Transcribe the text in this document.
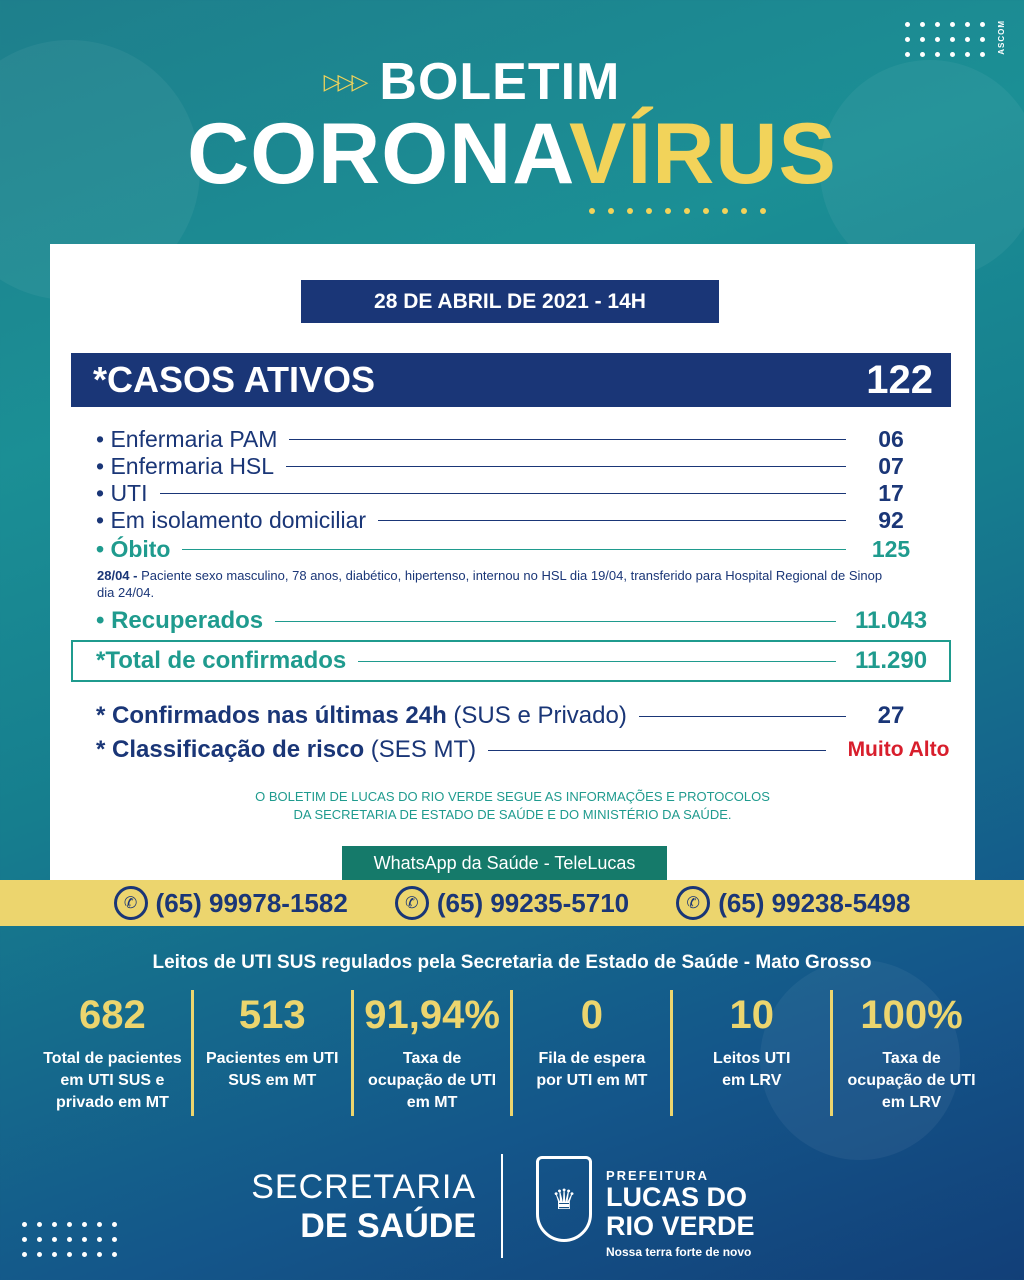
ASCOM
▷▷▷ BOLETIM
CORONAVÍRUS
28 DE ABRIL DE 2021 - 14H
*CASOS ATIVOS	122
• Enfermaria PAM	06
• Enfermaria HSL	07
• UTI	17
• Em isolamento domiciliar	92
• Óbito	125
28/04 - Paciente sexo masculino, 78 anos, diabético, hipertenso, internou no HSL dia 19/04, transferido para Hospital Regional de Sinop dia 24/04.
• Recuperados	11.043
*Total de confirmados	11.290
* Confirmados nas últimas 24h (SUS e Privado)	27
* Classificação de risco (SES MT)	Muito Alto
O BOLETIM DE LUCAS DO RIO VERDE SEGUE AS INFORMAÇÕES E PROTOCOLOS
DA SECRETARIA DE ESTADO DE SAÚDE E DO MINISTÉRIO DA SAÚDE.
WhatsApp da Saúde - TeleLucas
✆ (65) 99978-1582	✆ (65) 99235-5710	✆ (65) 99238-5498
Leitos de UTI SUS regulados pela Secretaria de Estado de Saúde - Mato Grosso
682
Total de pacientes em UTI SUS e privado em MT
513
Pacientes em UTI SUS em MT
91,94%
Taxa de ocupação de UTI em MT
0
Fila de espera por UTI em MT
10
Leitos UTI em LRV
100%
Taxa de ocupação de UTI em LRV
SECRETARIA
DE SAÚDE
♛
PREFEITURA
LUCAS DO
RIO VERDE
Nossa terra forte de novo
